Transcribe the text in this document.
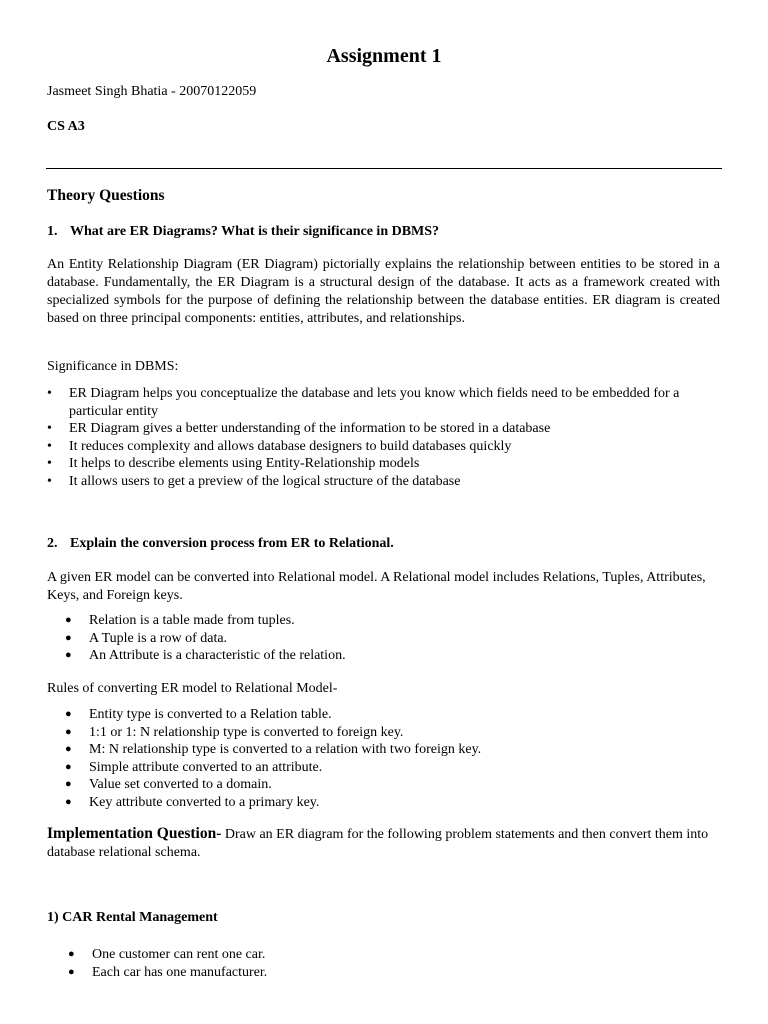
Assignment 1

Jasmeet Singh Bhatia - 20070122059

CS A3

Theory Questions

1. What are ER Diagrams? What is their significance in DBMS?

An Entity Relationship Diagram (ER Diagram) pictorially explains the relationship between entities to be stored in a database. Fundamentally, the ER Diagram is a structural design of the database. It acts as a framework created with specialized symbols for the purpose of defining the relationship between the database entities. ER diagram is created based on three principal components: entities, attributes, and relationships.

Significance in DBMS:

• ER Diagram helps you conceptualize the database and lets you know which fields need to be embedded for a particular entity
• ER Diagram gives a better understanding of the information to be stored in a database
• It reduces complexity and allows database designers to build databases quickly
• It helps to describe elements using Entity-Relationship models
• It allows users to get a preview of the logical structure of the database

2. Explain the conversion process from ER to Relational.

A given ER model can be converted into Relational model. A Relational model includes Relations, Tuples, Attributes, Keys, and Foreign keys.

● Relation is a table made from tuples.
● A Tuple is a row of data.
● An Attribute is a characteristic of the relation.

Rules of converting ER model to Relational Model-

● Entity type is converted to a Relation table.
● 1:1 or 1: N relationship type is converted to foreign key.
● M: N relationship type is converted to a relation with two foreign key.
● Simple attribute converted to an attribute.
● Value set converted to a domain.
● Key attribute converted to a primary key.

Implementation Question- Draw an ER diagram for the following problem statements and then convert them into database relational schema.

1) CAR Rental Management

● One customer can rent one car.
● Each car has one manufacturer.
